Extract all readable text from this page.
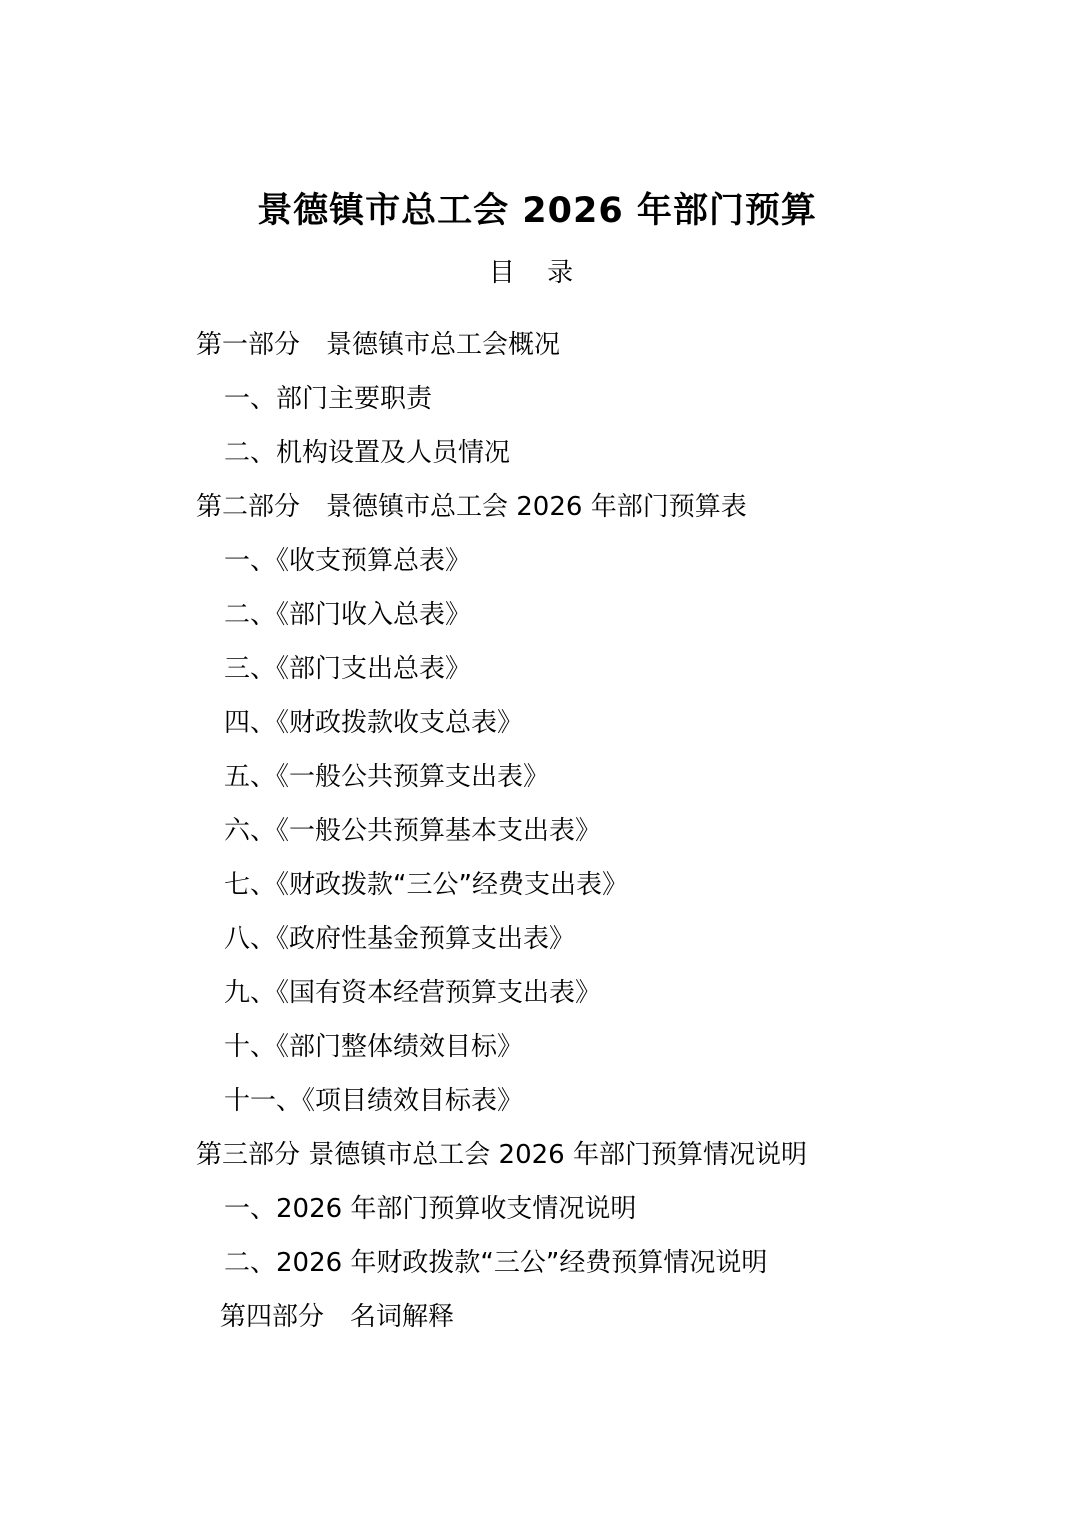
景德镇市总工会 2026 年部门预算
目 录
第一部分　景德镇市总工会概况
一、部门主要职责
二、机构设置及人员情况
第二部分　景德镇市总工会 2026 年部门预算表
一、《收支预算总表》
二、《部门收入总表》
三、《部门支出总表》
四、《财政拨款收支总表》
五、《一般公共预算支出表》
六、《一般公共预算基本支出表》
七、《财政拨款“三公”经费支出表》
八、《政府性基金预算支出表》
九、《国有资本经营预算支出表》
十、《部门整体绩效目标》
十一、《项目绩效目标表》
第三部分 景德镇市总工会 2026 年部门预算情况说明
一、2026 年部门预算收支情况说明
二、2026 年财政拨款“三公”经费预算情况说明
第四部分　名词解释
